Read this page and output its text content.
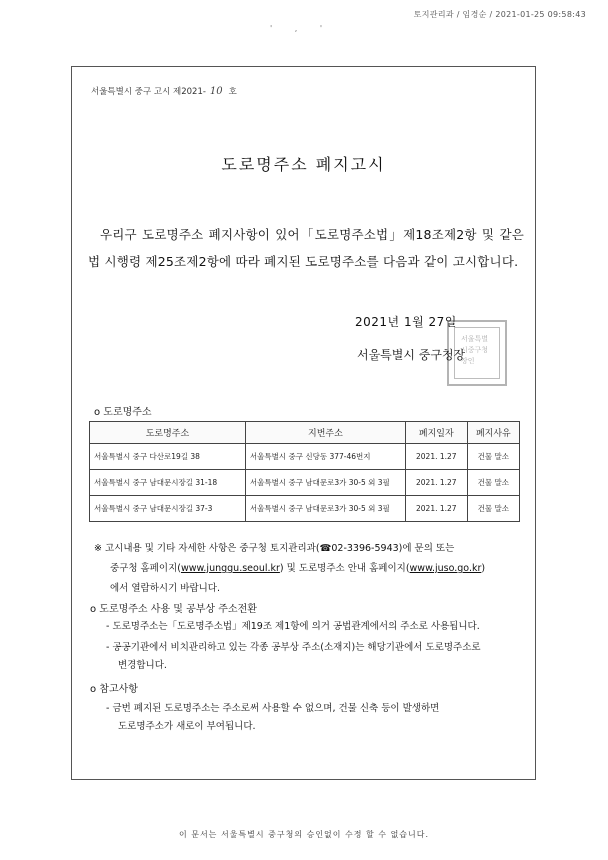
토지관리과 / 임경순 / 2021-01-25 09:58:43
' , '
서울특별시 중구 고시 제2021- 10 호
도로명주소 폐지고시
우리구 도로명주소 폐지사항이 있어「도로명주소법」제18조제2항 및 같은 법 시행령 제25조제2항에 따라 폐지된 도로명주소를 다음과 같이 고시합니다.
서울특별시중구청장인
2021년 1월 27일
서울특별시 중구청장
o 도로명주소
도로명주소	지번주소	폐지일자	폐지사유
서울특별시 중구 다산로19길 38	서울특별시 중구 신당동 377-46번지	2021. 1.27	건물 말소
서울특별시 중구 남대문시장길 31-18	서울특별시 중구 남대문로3가 30-5 외 3필	2021. 1.27	건물 말소
서울특별시 중구 남대문시장길 37-3	서울특별시 중구 남대문로3가 30-5 외 3필	2021. 1.27	건물 말소
※ 고시내용 및 기타 자세한 사항은 중구청 토지관리과(☎02-3396-5943)에 문의 또는
중구청 홈페이지(www.junggu.seoul.kr) 및 도로명주소 안내 홈페이지(www.juso.go.kr)
에서 열람하시기 바랍니다.
o 도로명주소 사용 및 공부상 주소전환
- 도로명주소는「도로명주소법」제19조 제1항에 의거 공법관계에서의 주소로 사용됩니다.
- 공공기관에서 비치관리하고 있는 각종 공부상 주소(소재지)는 해당기관에서 도로명주소로
변경합니다.
o 참고사항
- 금번 폐지된 도로명주소는 주소로써 사용할 수 없으며, 건물 신축 등이 발생하면
도로명주소가 새로이 부여됩니다.
이 문서는 서울특별시 중구청의 승인없이 수정 할 수 없습니다.
